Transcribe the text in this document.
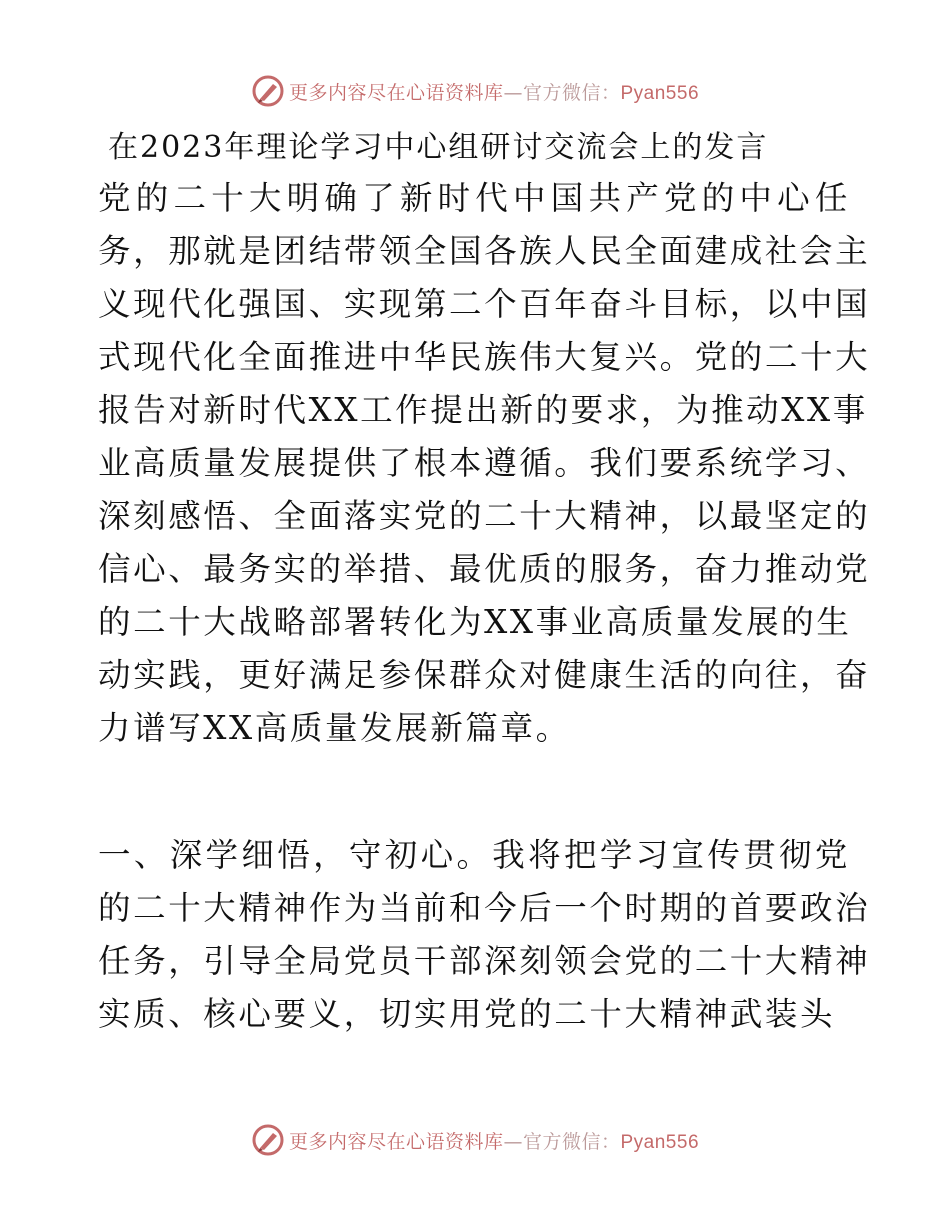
更多内容尽在心语资料库—官方微信：Pyan556
在2023年理论学习中心组研讨交流会上的发言

党的二十大明确了新时代中国共产党的中心任
务，那就是团结带领全国各族人民全面建成社会主
义现代化强国、实现第二个百年奋斗目标，以中国
式现代化全面推进中华民族伟大复兴。党的二十大
报告对新时代XX工作提出新的要求，为推动XX事
业高质量发展提供了根本遵循。我们要系统学习、
深刻感悟、全面落实党的二十大精神，以最坚定的
信心、最务实的举措、最优质的服务，奋力推动党
的二十大战略部署转化为XX事业高质量发展的生
动实践，更好满足参保群众对健康生活的向往，奋
力谱写XX高质量发展新篇章。

一、深学细悟，守初心。我将把学习宣传贯彻党
的二十大精神作为当前和今后一个时期的首要政治
任务，引导全局党员干部深刻领会党的二十大精神
实质、核心要义，切实用党的二十大精神武装头

更多内容尽在心语资料库—官方微信：Pyan556
